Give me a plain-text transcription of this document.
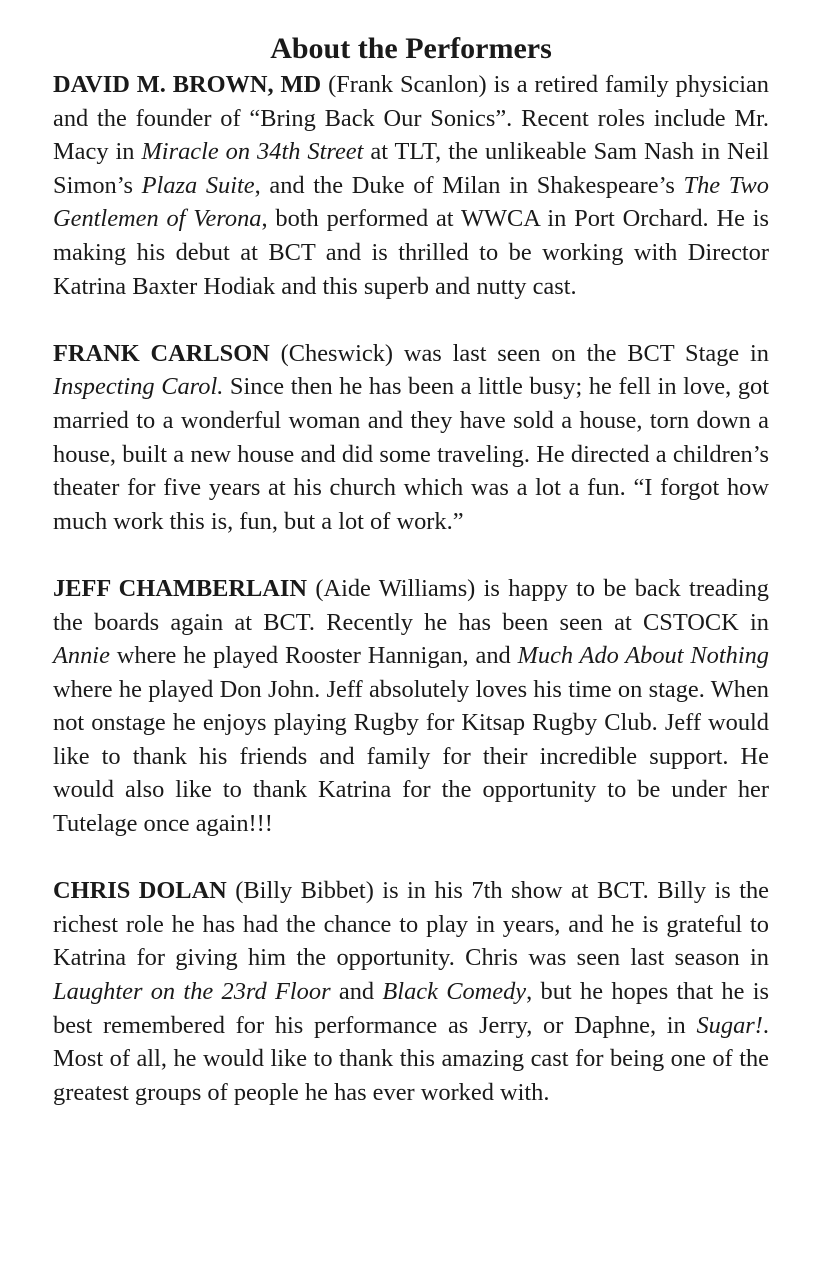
About the Performers

DAVID M. BROWN, MD (Frank Scanlon) is a retired family physician and the founder of “Bring Back Our Sonics”. Recent roles include Mr. Macy in Miracle on 34th Street at TLT, the unlikeable Sam Nash in Neil Simon’s Plaza Suite, and the Duke of Milan in Shakespeare’s The Two Gentlemen of Verona, both performed at WWCA in Port Orchard. He is making his debut at BCT and is thrilled to be working with Director Katrina Baxter Hodiak and this superb and nutty cast.

FRANK CARLSON (Cheswick) was last seen on the BCT Stage in Inspecting Carol. Since then he has been a little busy; he fell in love, got married to a wonderful woman and they have sold a house, torn down a house, built a new house and did some traveling. He directed a children’s theater for five years at his church which was a lot a fun. “I forgot how much work this is, fun, but a lot of work.”

JEFF CHAMBERLAIN (Aide Williams) is happy to be back treading the boards again at BCT. Recently he has been seen at CSTOCK in Annie where he played Rooster Hannigan, and Much Ado About Nothing where he played Don John. Jeff absolutely loves his time on stage. When not onstage he enjoys playing Rugby for Kitsap Rugby Club. Jeff would like to thank his friends and family for their incredible support. He would also like to thank Katrina for the opportunity to be under her Tutelage once again!!!

CHRIS DOLAN (Billy Bibbet) is in his 7th show at BCT. Billy is the richest role he has had the chance to play in years, and he is grateful to Katrina for giving him the opportunity. Chris was seen last season in Laughter on the 23rd Floor and Black Comedy, but he hopes that he is best remembered for his performance as Jerry, or Daphne, in Sugar!. Most of all, he would like to thank this amazing cast for being one of the greatest groups of people he has ever worked with.
